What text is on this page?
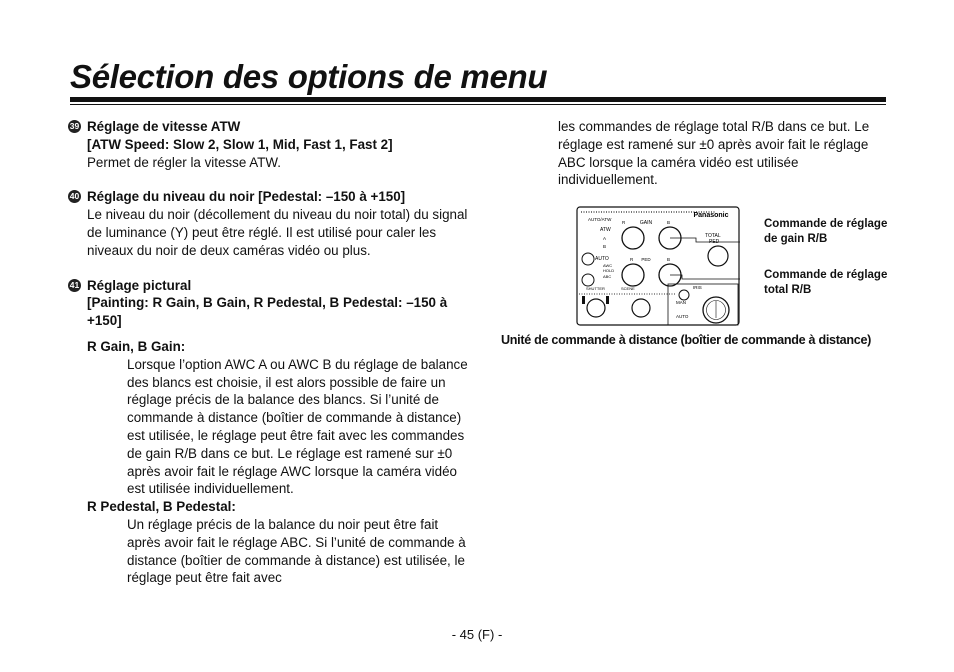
Sélection des options de menu
39 Réglage de vitesse ATW
[ATW Speed: Slow 2, Slow 1, Mid, Fast 1, Fast 2]
Permet de régler la vitesse ATW.
40 Réglage du niveau du noir [Pedestal: –150 à +150]
Le niveau du noir (décollement du niveau du noir total) du signal de luminance (Y) peut être réglé. Il est utilisé pour caler les niveaux du noir de deux caméras vidéo ou plus.
41 Réglage pictural
[Painting: R Gain, B Gain, R Pedestal, B Pedestal: –150 à +150]
R Gain, B Gain:
Lorsque l’option AWC A ou AWC B du réglage de balance des blancs est choisie, il est alors possible de faire un réglage précis de la balance des blancs. Si l’unité de commande à distance (boîtier de commande à distance) est utilisée, le réglage peut être fait avec les commandes de gain R/B dans ce but. Le réglage est ramené sur ±0 après avoir fait le réglage AWC lorsque la caméra vidéo est utilisée individuellement.
R Pedestal, B Pedestal:
Un réglage précis de la balance du noir peut être fait après avoir fait le réglage ABC. Si l’unité de commande à distance (boîtier de commande à distance) est utilisée, le réglage peut être fait avec
les commandes de réglage total R/B dans ce but. Le réglage est ramené sur ±0 après avoir fait le réglage ABC lorsque la caméra vidéo est utilisée individuellement.
Panasonic
AUTO/ATW
ATW
A
B
AUTO
AWC
HOLD
ABC
R	GAIN	B
TOTAL
PED
R PED	B
SHUTTER	SCENE	IRIS
MAN
AUTO
Commande de réglage de gain R/B
Commande de réglage total R/B
Unité de commande à distance (boîtier de commande à distance)
- 45 (F) -
